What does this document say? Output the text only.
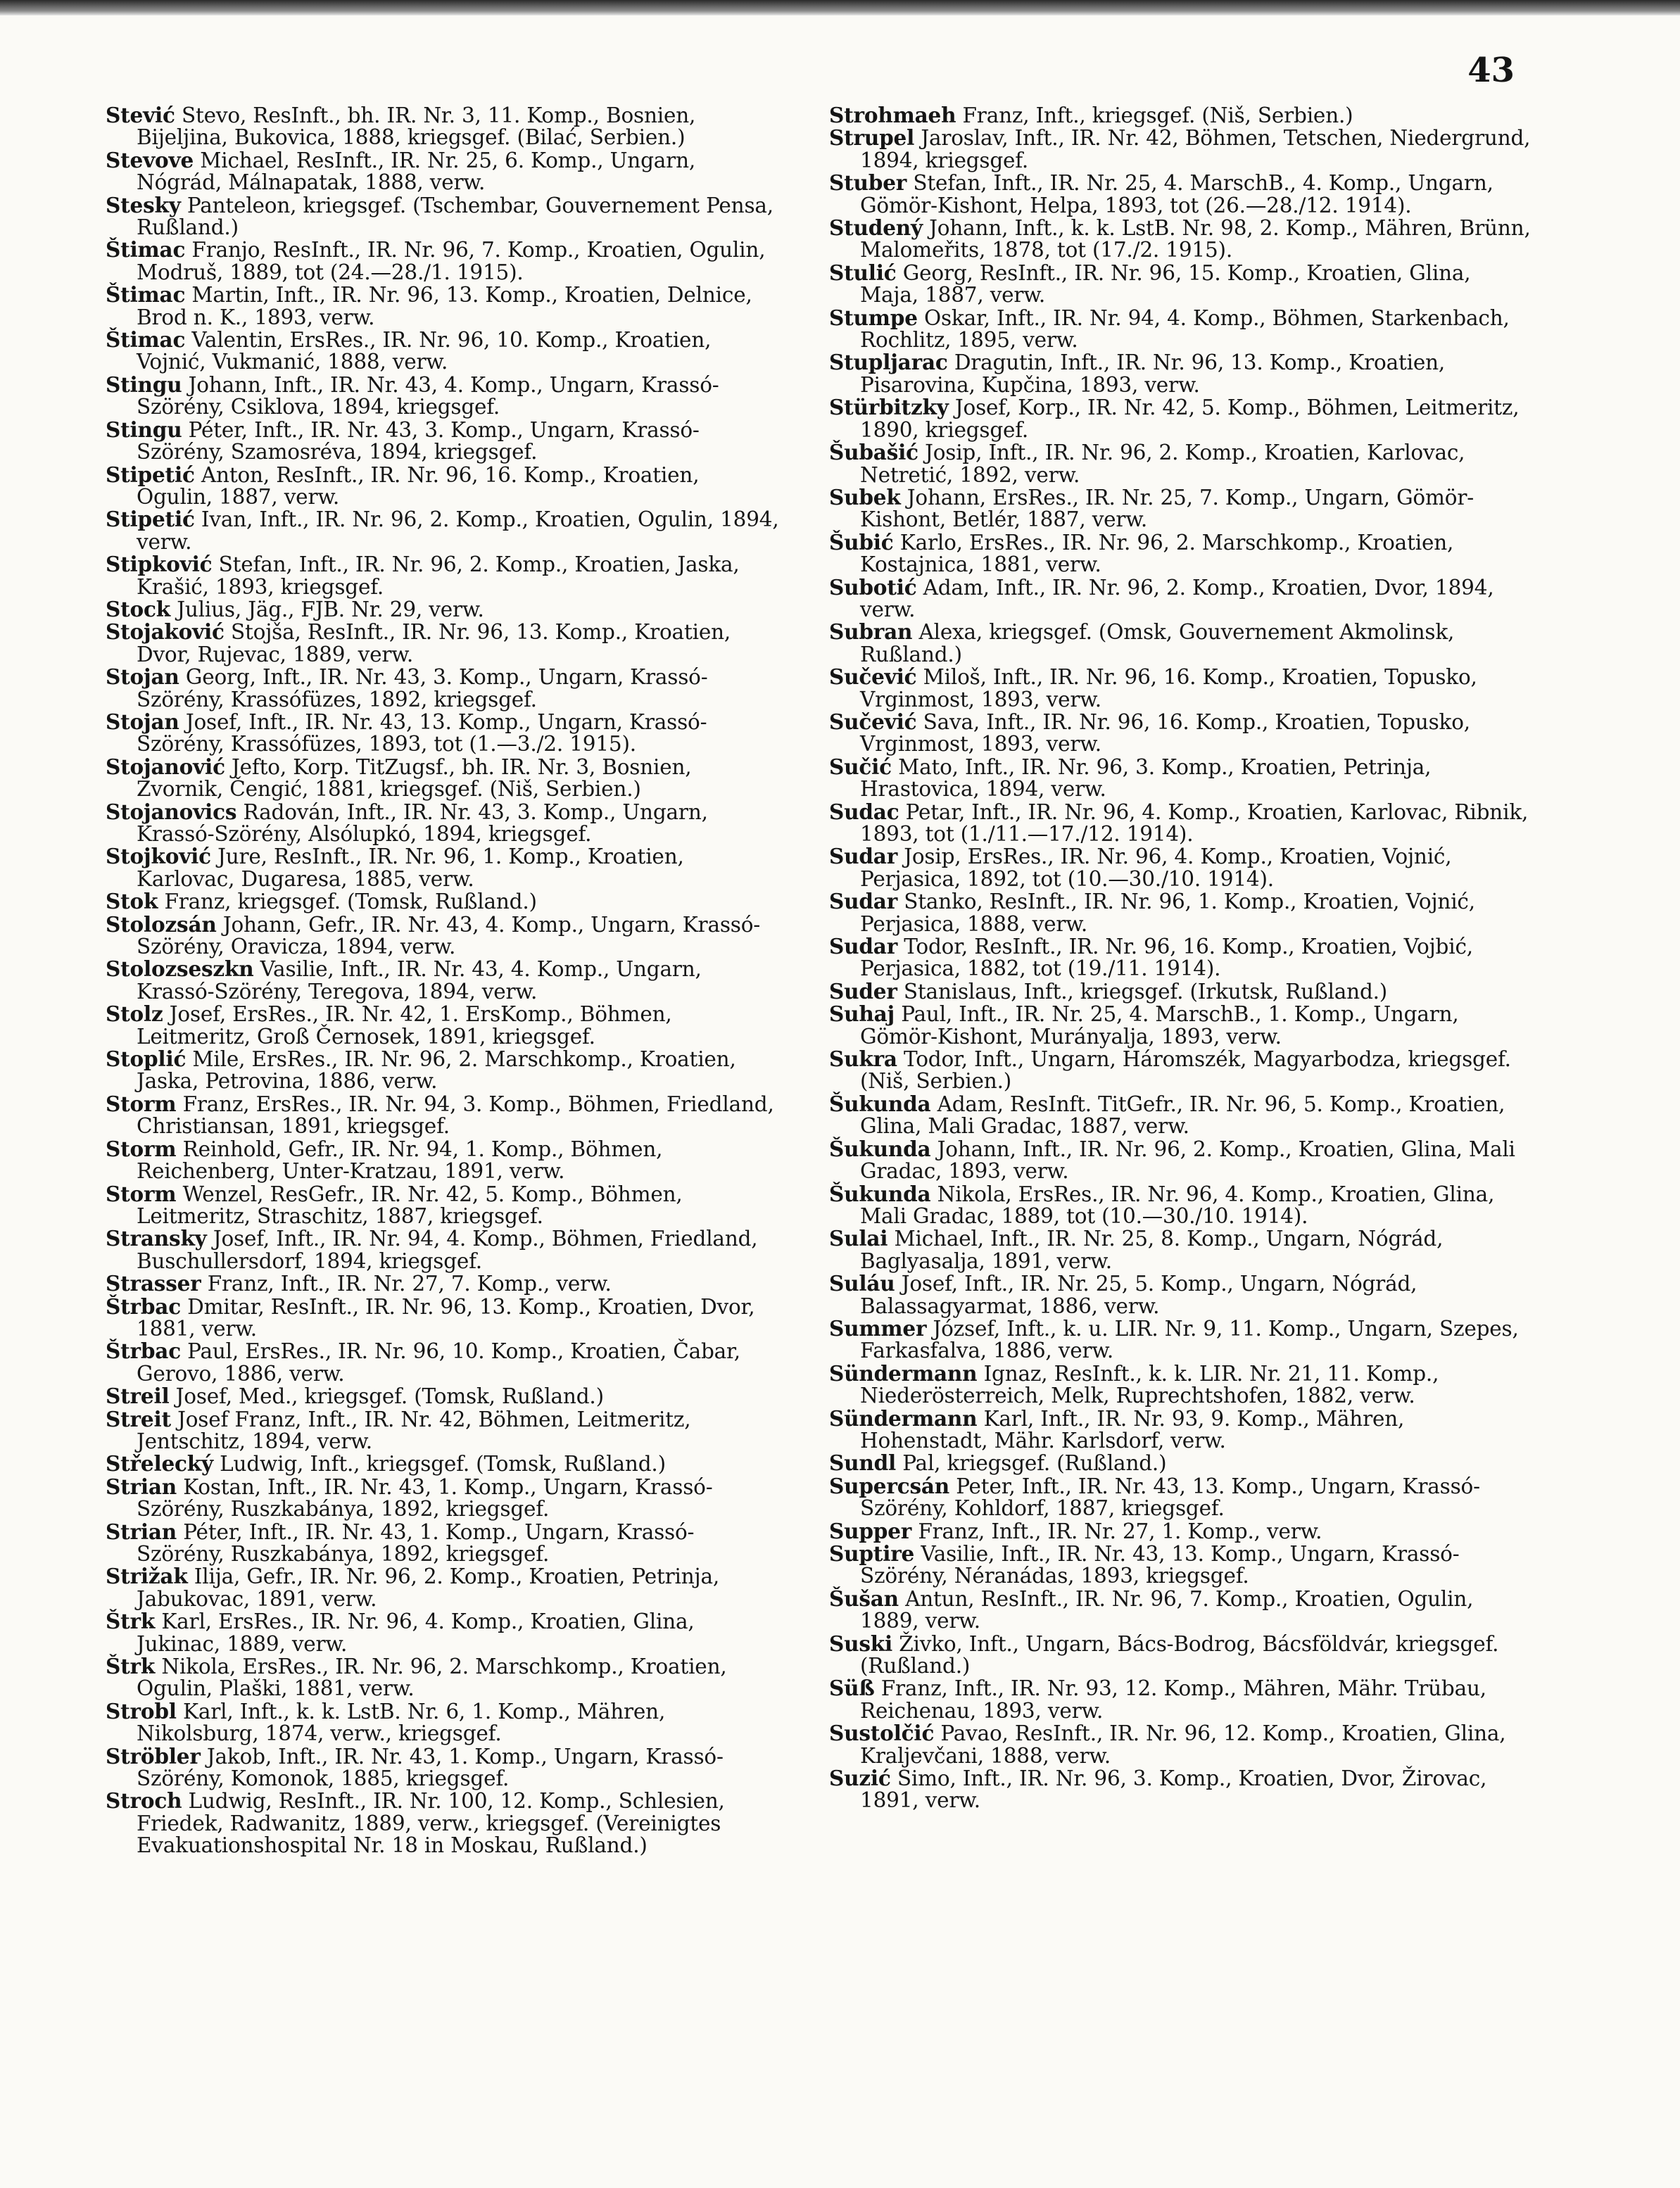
43
Stević Stevo, ResInft., bh. IR. Nr. 3, 11. Komp., Bosnien, Bijeljina, Bukovica, 1888, kriegsgef. (Bilać, Serbien.)
Stevove Michael, ResInft., IR. Nr. 25, 6. Komp., Ungarn, Nógrád, Málnapatak, 1888, verw.
Stesky Panteleon, kriegsgef. (Tschembar, Gouvernement Pensa, Rußland.)
Štimac Franjo, ResInft., IR. Nr. 96, 7. Komp., Kroatien, Ogulin, Modruš, 1889, tot (24.—28./1. 1915).
Štimac Martin, Inft., IR. Nr. 96, 13. Komp., Kroatien, Delnice, Brod n. K., 1893, verw.
Štimac Valentin, ErsRes., IR. Nr. 96, 10. Komp., Kroatien, Vojnić, Vukmanić, 1888, verw.
Stingu Johann, Inft., IR. Nr. 43, 4. Komp., Ungarn, Krassó-Szörény, Csiklova, 1894, kriegsgef.
Stingu Péter, Inft., IR. Nr. 43, 3. Komp., Ungarn, Krassó-Szörény, Szamosréva, 1894, kriegsgef.
Stipetić Anton, ResInft., IR. Nr. 96, 16. Komp., Kroatien, Ogulin, 1887, verw.
Stipetić Ivan, Inft., IR. Nr. 96, 2. Komp., Kroatien, Ogulin, 1894, verw.
Stipković Stefan, Inft., IR. Nr. 96, 2. Komp., Kroatien, Jaska, Krašić, 1893, kriegsgef.
Stock Julius, Jäg., FJB. Nr. 29, verw.
Stojaković Stojša, ResInft., IR. Nr. 96, 13. Komp., Kroatien, Dvor, Rujevac, 1889, verw.
Stojan Georg, Inft., IR. Nr. 43, 3. Komp., Ungarn, Krassó-Szörény, Krassófüzes, 1892, kriegsgef.
Stojan Josef, Inft., IR. Nr. 43, 13. Komp., Ungarn, Krassó-Szörény, Krassófüzes, 1893, tot (1.—3./2. 1915).
Stojanović Jefto, Korp. TitZugsf., bh. IR. Nr. 3, Bosnien, Zvornik, Čengić, 1881, kriegsgef. (Niš, Serbien.)
Stojanovics Radován, Inft., IR. Nr. 43, 3. Komp., Ungarn, Krassó-Szörény, Alsólupkó, 1894, kriegsgef.
Stojković Jure, ResInft., IR. Nr. 96, 1. Komp., Kroatien, Karlovac, Dugaresa, 1885, verw.
Stok Franz, kriegsgef. (Tomsk, Rußland.)
Stolozsán Johann, Gefr., IR. Nr. 43, 4. Komp., Ungarn, Krassó-Szörény, Oravicza, 1894, verw.
Stolozseszkn Vasilie, Inft., IR. Nr. 43, 4. Komp., Ungarn, Krassó-Szörény, Teregova, 1894, verw.
Stolz Josef, ErsRes., IR. Nr. 42, 1. ErsKomp., Böhmen, Leitmeritz, Groß Černosek, 1891, kriegsgef.
Stoplić Mile, ErsRes., IR. Nr. 96, 2. Marschkomp., Kroatien, Jaska, Petrovina, 1886, verw.
Storm Franz, ErsRes., IR. Nr. 94, 3. Komp., Böhmen, Friedland, Christiansan, 1891, kriegsgef.
Storm Reinhold, Gefr., IR. Nr. 94, 1. Komp., Böhmen, Reichenberg, Unter-Kratzau, 1891, verw.
Storm Wenzel, ResGefr., IR. Nr. 42, 5. Komp., Böhmen, Leitmeritz, Straschitz, 1887, kriegsgef.
Stransky Josef, Inft., IR. Nr. 94, 4. Komp., Böhmen, Friedland, Buschullersdorf, 1894, kriegsgef.
Strasser Franz, Inft., IR. Nr. 27, 7. Komp., verw.
Štrbac Dmitar, ResInft., IR. Nr. 96, 13. Komp., Kroatien, Dvor, 1881, verw.
Štrbac Paul, ErsRes., IR. Nr. 96, 10. Komp., Kroatien, Čabar, Gerovo, 1886, verw.
Streil Josef, Med., kriegsgef. (Tomsk, Rußland.)
Streit Josef Franz, Inft., IR. Nr. 42, Böhmen, Leitmeritz, Jentschitz, 1894, verw.
Střelecký Ludwig, Inft., kriegsgef. (Tomsk, Rußland.)
Strian Kostan, Inft., IR. Nr. 43, 1. Komp., Ungarn, Krassó-Szörény, Ruszkabánya, 1892, kriegsgef.
Strian Péter, Inft., IR. Nr. 43, 1. Komp., Ungarn, Krassó-Szörény, Ruszkabánya, 1892, kriegsgef.
Strižak Ilija, Gefr., IR. Nr. 96, 2. Komp., Kroatien, Petrinja, Jabukovac, 1891, verw.
Štrk Karl, ErsRes., IR. Nr. 96, 4. Komp., Kroatien, Glina, Jukinac, 1889, verw.
Štrk Nikola, ErsRes., IR. Nr. 96, 2. Marschkomp., Kroatien, Ogulin, Plaški, 1881, verw.
Strobl Karl, Inft., k. k. LstB. Nr. 6, 1. Komp., Mähren, Nikolsburg, 1874, verw., kriegsgef.
Ströbler Jakob, Inft., IR. Nr. 43, 1. Komp., Ungarn, Krassó-Szörény, Komonok, 1885, kriegsgef.
Stroch Ludwig, ResInft., IR. Nr. 100, 12. Komp., Schlesien, Friedek, Radwanitz, 1889, verw., kriegsgef. (Vereinigtes Evakuationshospital Nr. 18 in Moskau, Rußland.)
Strohmaeh Franz, Inft., kriegsgef. (Niš, Serbien.)
Strupel Jaroslav, Inft., IR. Nr. 42, Böhmen, Tetschen, Niedergrund, 1894, kriegsgef.
Stuber Stefan, Inft., IR. Nr. 25, 4. MarschB., 4. Komp., Ungarn, Gömör-Kishont, Helpa, 1893, tot (26.—28./12. 1914).
Studený Johann, Inft., k. k. LstB. Nr. 98, 2. Komp., Mähren, Brünn, Malomeřits, 1878, tot (17./2. 1915).
Stulić Georg, ResInft., IR. Nr. 96, 15. Komp., Kroatien, Glina, Maja, 1887, verw.
Stumpe Oskar, Inft., IR. Nr. 94, 4. Komp., Böhmen, Starkenbach, Rochlitz, 1895, verw.
Stupljarac Dragutin, Inft., IR. Nr. 96, 13. Komp., Kroatien, Pisarovina, Kupčina, 1893, verw.
Stürbitzky Josef, Korp., IR. Nr. 42, 5. Komp., Böhmen, Leitmeritz, 1890, kriegsgef.
Šubašić Josip, Inft., IR. Nr. 96, 2. Komp., Kroatien, Karlovac, Netretić, 1892, verw.
Subek Johann, ErsRes., IR. Nr. 25, 7. Komp., Ungarn, Gömör-Kishont, Betlér, 1887, verw.
Šubić Karlo, ErsRes., IR. Nr. 96, 2. Marschkomp., Kroatien, Kostajnica, 1881, verw.
Subotić Adam, Inft., IR. Nr. 96, 2. Komp., Kroatien, Dvor, 1894, verw.
Subran Alexa, kriegsgef. (Omsk, Gouvernement Akmolinsk, Rußland.)
Sučević Miloš, Inft., IR. Nr. 96, 16. Komp., Kroatien, Topusko, Vrginmost, 1893, verw.
Sučević Sava, Inft., IR. Nr. 96, 16. Komp., Kroatien, Topusko, Vrginmost, 1893, verw.
Sučić Mato, Inft., IR. Nr. 96, 3. Komp., Kroatien, Petrinja, Hrastovica, 1894, verw.
Sudac Petar, Inft., IR. Nr. 96, 4. Komp., Kroatien, Karlovac, Ribnik, 1893, tot (1./11.—17./12. 1914).
Sudar Josip, ErsRes., IR. Nr. 96, 4. Komp., Kroatien, Vojnić, Perjasica, 1892, tot (10.—30./10. 1914).
Sudar Stanko, ResInft., IR. Nr. 96, 1. Komp., Kroatien, Vojnić, Perjasica, 1888, verw.
Sudar Todor, ResInft., IR. Nr. 96, 16. Komp., Kroatien, Vojbić, Perjasica, 1882, tot (19./11. 1914).
Suder Stanislaus, Inft., kriegsgef. (Irkutsk, Rußland.)
Suhaj Paul, Inft., IR. Nr. 25, 4. MarschB., 1. Komp., Ungarn, Gömör-Kishont, Murányalja, 1893, verw.
Sukra Todor, Inft., Ungarn, Háromszék, Magyarbodza, kriegsgef. (Niš, Serbien.)
Šukunda Adam, ResInft. TitGefr., IR. Nr. 96, 5. Komp., Kroatien, Glina, Mali Gradac, 1887, verw.
Šukunda Johann, Inft., IR. Nr. 96, 2. Komp., Kroatien, Glina, Mali Gradac, 1893, verw.
Šukunda Nikola, ErsRes., IR. Nr. 96, 4. Komp., Kroatien, Glina, Mali Gradac, 1889, tot (10.—30./10. 1914).
Sulai Michael, Inft., IR. Nr. 25, 8. Komp., Ungarn, Nógrád, Baglyasalja, 1891, verw.
Suláu Josef, Inft., IR. Nr. 25, 5. Komp., Ungarn, Nógrád, Balassagyarmat, 1886, verw.
Summer József, Inft., k. u. LIR. Nr. 9, 11. Komp., Ungarn, Szepes, Farkasfalva, 1886, verw.
Sündermann Ignaz, ResInft., k. k. LIR. Nr. 21, 11. Komp., Niederösterreich, Melk, Ruprechtshofen, 1882, verw.
Sündermann Karl, Inft., IR. Nr. 93, 9. Komp., Mähren, Hohenstadt, Mähr. Karlsdorf, verw.
Sundl Pal, kriegsgef. (Rußland.)
Supercsán Peter, Inft., IR. Nr. 43, 13. Komp., Ungarn, Krassó-Szörény, Kohldorf, 1887, kriegsgef.
Supper Franz, Inft., IR. Nr. 27, 1. Komp., verw.
Suptire Vasilie, Inft., IR. Nr. 43, 13. Komp., Ungarn, Krassó-Szörény, Néranádas, 1893, kriegsgef.
Šušan Antun, ResInft., IR. Nr. 96, 7. Komp., Kroatien, Ogulin, 1889, verw.
Suski Živko, Inft., Ungarn, Bács-Bodrog, Bácsföldvár, kriegsgef. (Rußland.)
Süß Franz, Inft., IR. Nr. 93, 12. Komp., Mähren, Mähr. Trübau, Reichenau, 1893, verw.
Sustolčić Pavao, ResInft., IR. Nr. 96, 12. Komp., Kroatien, Glina, Kraljevčani, 1888, verw.
Suzić Simo, Inft., IR. Nr. 96, 3. Komp., Kroatien, Dvor, Žirovac, 1891, verw.
